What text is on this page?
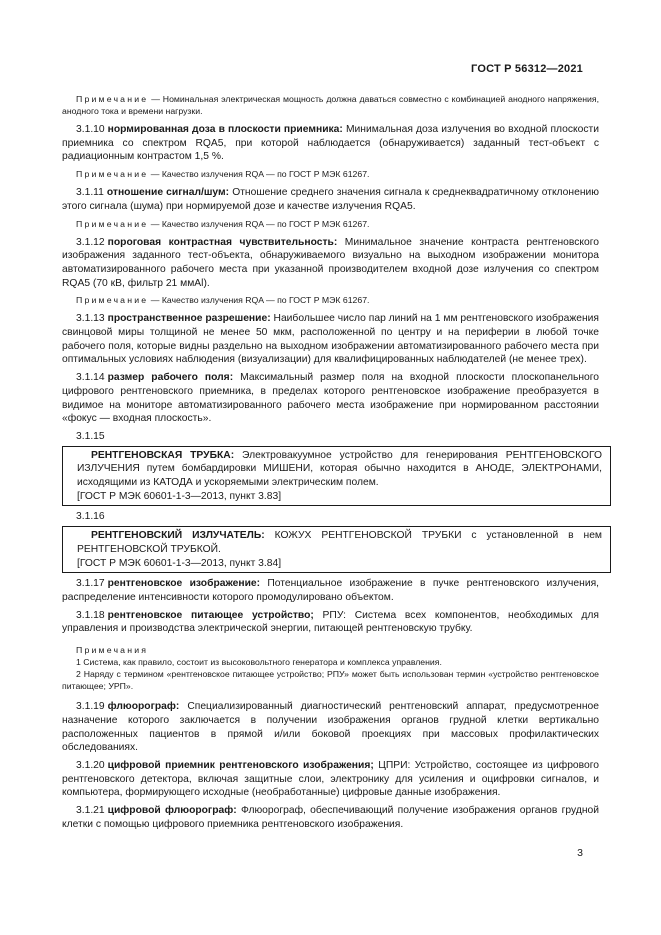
ГОСТ Р 56312—2021

Примечание — Номинальная электрическая мощность должна даваться совместно с комбинацией анодного напряжения, анодного тока и времени нагрузки.

3.1.10 нормированная доза в плоскости приемника: Минимальная доза излучения во входной плоскости приемника со спектром RQA5, при которой наблюдается (обнаруживается) заданный тест-объект с радиационным контрастом 1,5 %.

Примечание — Качество излучения RQA — по ГОСТ Р МЭК 61267.

3.1.11 отношение сигнал/шум: Отношение среднего значения сигнала к среднеквадратичному отклонению этого сигнала (шума) при нормируемой дозе и качестве излучения RQA5.

Примечание — Качество излучения RQA — по ГОСТ Р МЭК 61267.

3.1.12 пороговая контрастная чувствительность: Минимальное значение контраста рентгеновского изображения заданного тест-объекта, обнаруживаемого визуально на выходном изображении монитора автоматизированного рабочего места при указанной производителем входной дозе излучения со спектром RQA5 (70 кВ, фильтр 21 ммAl).

Примечание — Качество излучения RQA — по ГОСТ Р МЭК 61267.

3.1.13 пространственное разрешение: Наибольшее число пар линий на 1 мм рентгеновского изображения свинцовой миры толщиной не менее 50 мкм, расположенной по центру и на периферии в любой точке рабочего поля, которые видны раздельно на выходном изображении автоматизированного рабочего места при оптимальных условиях наблюдения (визуализации) для квалифицированных наблюдателей (не менее трех).

3.1.14 размер рабочего поля: Максимальный размер поля на входной плоскости плоскопанельного цифрового рентгеновского приемника, в пределах которого рентгеновское изображение преобразуется в видимое на мониторе автоматизированного рабочего места изображение при нормированном расстоянии «фокус — входная плоскость».

3.1.15

РЕНТГЕНОВСКАЯ ТРУБКА: Электровакуумное устройство для генерирования РЕНТГЕНОВСКОГО ИЗЛУЧЕНИЯ путем бомбардировки МИШЕНИ, которая обычно находится в АНОДЕ, ЭЛЕКТРОНАМИ, исходящими из КАТОДА и ускоряемыми электрическим полем.

[ГОСТ Р МЭК 60601-1-3—2013, пункт 3.83]

3.1.16

РЕНТГЕНОВСКИЙ ИЗЛУЧАТЕЛЬ: КОЖУХ РЕНТГЕНОВСКОЙ ТРУБКИ с установленной в нем РЕНТГЕНОВСКОЙ ТРУБКОЙ.

[ГОСТ Р МЭК 60601-1-3—2013, пункт 3.84]

3.1.17 рентгеновское изображение: Потенциальное изображение в пучке рентгеновского излучения, распределение интенсивности которого промодулировано объектом.

3.1.18 рентгеновское питающее устройство; РПУ: Система всех компонентов, необходимых для управления и производства электрической энергии, питающей рентгеновскую трубку.

Примечания

1 Система, как правило, состоит из высоковольтного генератора и комплекса управления.

2 Наряду с термином «рентгеновское питающее устройство; РПУ» может быть использован термин «устройство рентгеновское питающее; УРП».

3.1.19 флюорограф: Специализированный диагностический рентгеновский аппарат, предусмотренное назначение которого заключается в получении изображения органов грудной клетки вертикально расположенных пациентов в прямой и/или боковой проекциях при массовых профилактических обследованиях.

3.1.20 цифровой приемник рентгеновского изображения; ЦПРИ: Устройство, состоящее из цифрового рентгеновского детектора, включая защитные слои, электронику для усиления и оцифровки сигналов, и компьютера, формирующего исходные (необработанные) цифровые данные изображения.

3.1.21 цифровой флюорограф: Флюорограф, обеспечивающий получение изображения органов грудной клетки с помощью цифрового приемника рентгеновского изображения.

3
